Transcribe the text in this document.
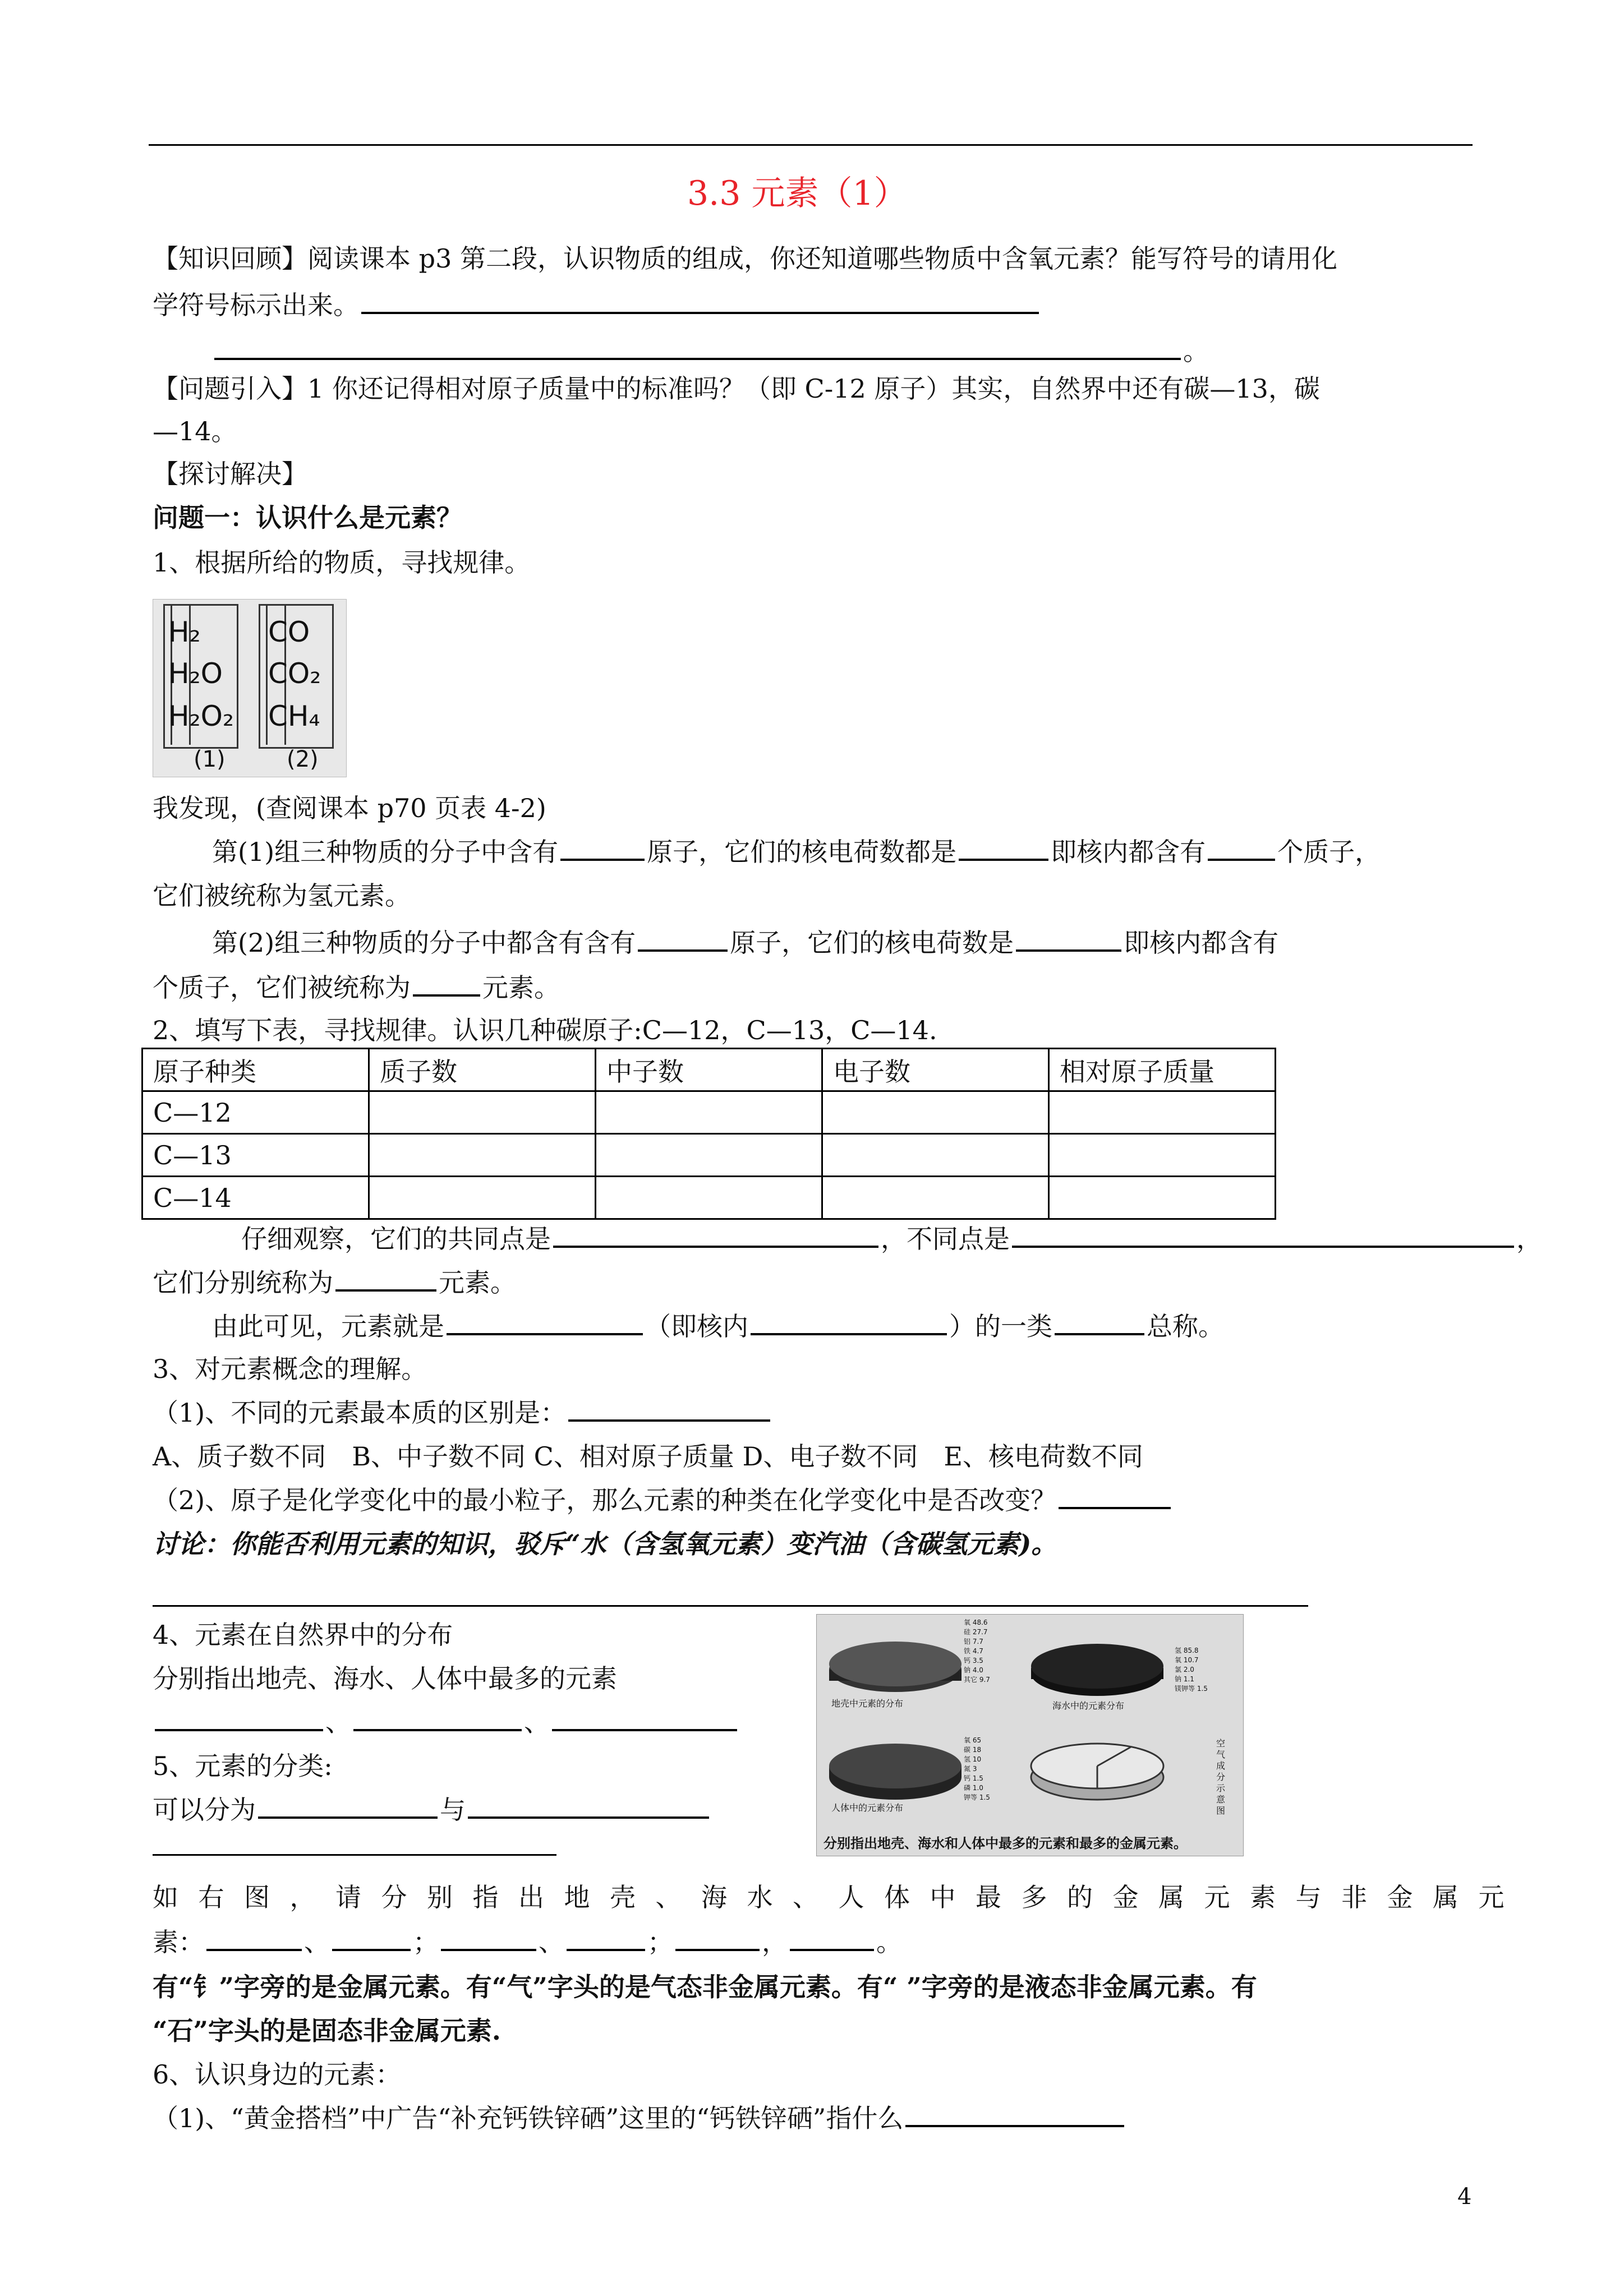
3.3 元素（1）
【知识回顾】阅读课本 p3 第二段，认识物质的组成，你还知道哪些物质中含氧元素？能写符号的请用化
学符号标示出来。
。
【问题引入】1 你还记得相对原子质量中的标准吗？（即 C-12 原子）其实，自然界中还有碳—13，碳
—14。
【探讨解决】
问题一：认识什么是元素？
1、根据所给的物质，寻找规律。
H₂
H₂O
H₂O₂
CO
CO₂
CH₄
(1)	(2)
我发现，(查阅课本 p70 页表 4-2)
第(1)组三种物质的分子中含有	原子，它们的核电荷数都是	即核内都含有	个质子，
它们被统称为氢元素。
第(2)组三种物质的分子中都含有含有	原子，它们的核电荷数是	即核内都含有
个质子，它们被统称为	元素。
2、填写下表，寻找规律。认识几种碳原子:C—12，C—13，C—14.
原子种类	质子数	中子数	电子数	相对原子质量
C—12				
C—13				
C—14				
仔细观察，它们的共同点是	，不同点是	，
它们分别统称为	元素。
由此可见，元素就是	（即核内	）的一类	总称。
3、对元素概念的理解。
（1)、不同的元素最本质的区别是：
A、质子数不同　B、中子数不同 C、相对原子质量 D、电子数不同　E、核电荷数不同
（2)、原子是化学变化中的最小粒子，那么元素的种类在化学变化中是否改变？
讨论：你能否利用元素的知识，驳斥“水（含氢氧元素）变汽油（含碳氢元素)。
4、元素在自然界中的分布
分别指出地壳、海水、人体中最多的元素
、	、
5、元素的分类:
可以分为	与
地壳中元素的分布	海水中的元素分布
人体中的元素分布
空气成分示意图
氧 48.6
硅 27.7
铝 7.7
铁 4.7
钙 3.5
钠 4.0
其它 9.7
氢 85.8
氧 10.7
氯 2.0
钠 1.1
镁钾等 1.5
氧 65
碳 18
氢 10
氮 3
钙 1.5
磷 1.0
钾等 1.5
分别指出地壳、海水和人体中最多的元素和最多的金属元素。
如右图，请分别指出地壳、海水、人体中最多的金属元素与非金属元
素：	、	；	、	；	，	。
有“钅”字旁的是金属元素。有“气”字头的是气态非金属元素。有“ ”字旁的是液态非金属元素。有
“石”字头的是固态非金属元素.
6、认识身边的元素：
（1)、“黄金搭档”中广告“补充钙铁锌硒”这里的“钙铁锌硒”指什么
4
